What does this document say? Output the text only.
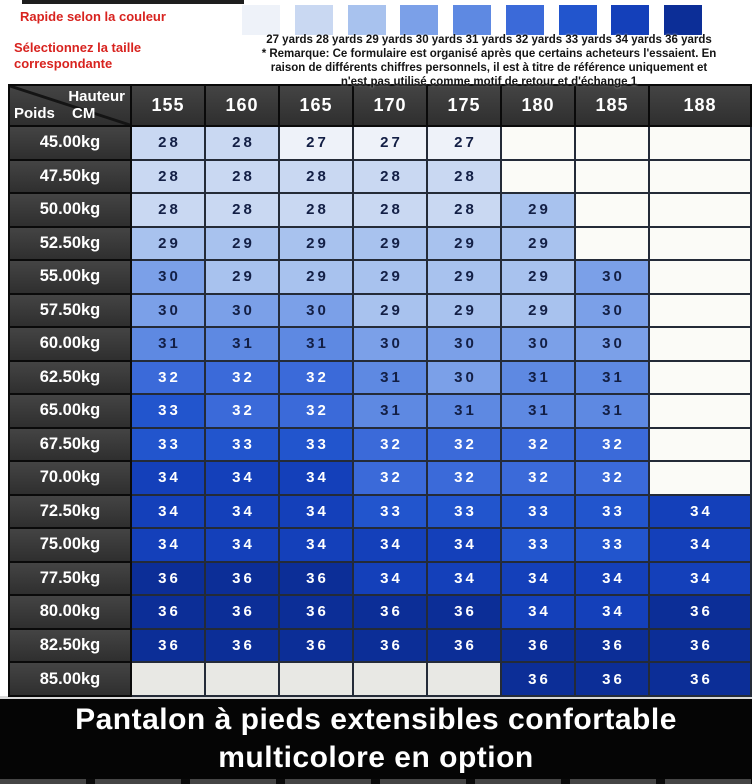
Rapide selon la couleur
Sélectionnez la taille correspondante
27 yards 28 yards 29 yards 30 yards 31 yards 32 yards 33 yards 34 yards 36 yards
* Remarque: Ce formulaire est organisé après que certains acheteurs l'essaient. En
raison de différents chiffres personnels, il est à titre de référence uniquement et
n'est pas utilisé comme motif de retour et d'échange 1
Hauteur
CM
Poids	155	160	165	170	175	180	185	188
45.00kg	28	28	27	27	27			
47.50kg	28	28	28	28	28			
50.00kg	28	28	28	28	28	29		
52.50kg	29	29	29	29	29	29		
55.00kg	30	29	29	29	29	29	30	
57.50kg	30	30	30	29	29	29	30	
60.00kg	31	31	31	30	30	30	30	
62.50kg	32	32	32	31	30	31	31	
65.00kg	33	32	32	31	31	31	31	
67.50kg	33	33	33	32	32	32	32	
70.00kg	34	34	34	32	32	32	32	
72.50kg	34	34	34	33	33	33	33	34
75.00kg	34	34	34	34	34	33	33	34
77.50kg	36	36	36	34	34	34	34	34
80.00kg	36	36	36	36	36	34	34	36
82.50kg	36	36	36	36	36	36	36	36
85.00kg						36	36	36
Pantalon à pieds extensibles confortable
multicolore en option
